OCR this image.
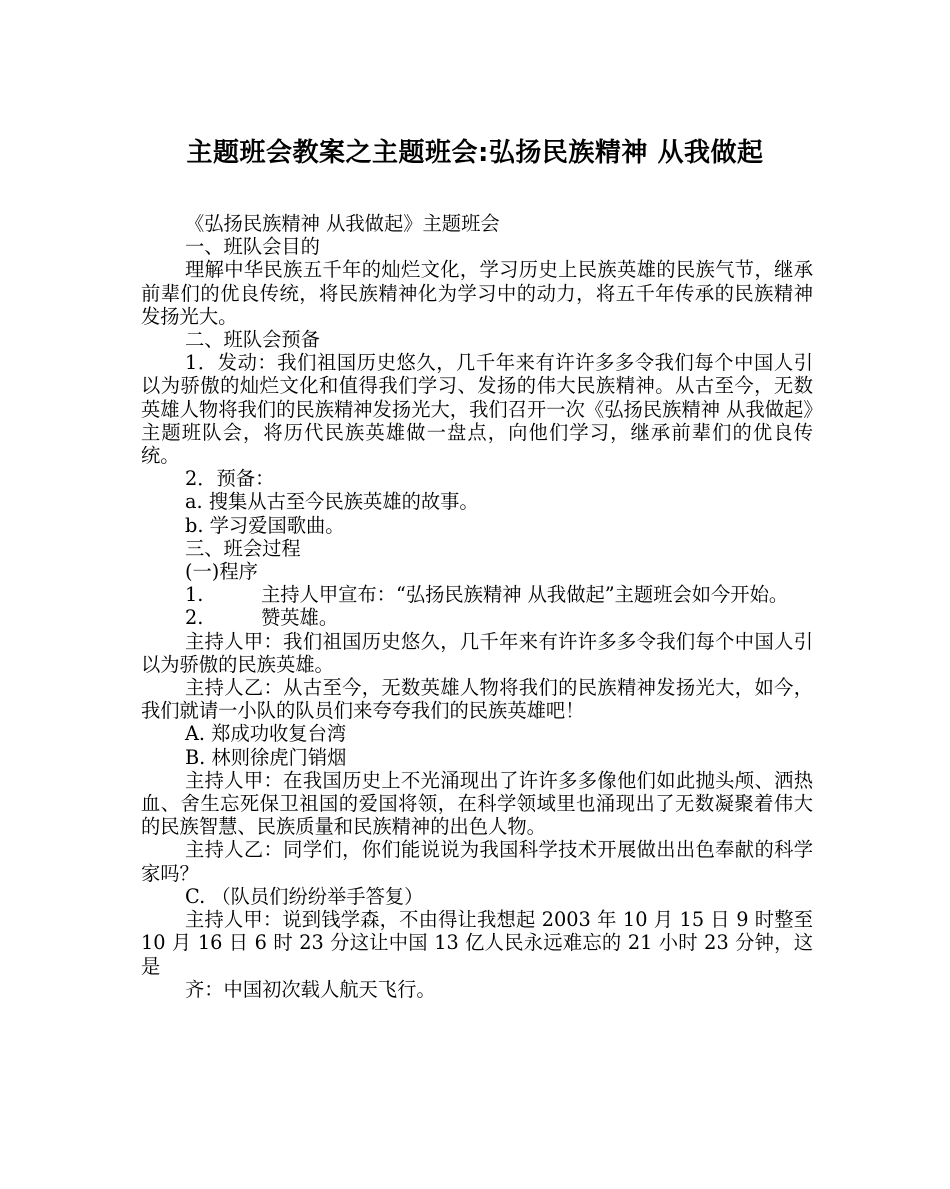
主题班会教案之主题班会:弘扬民族精神 从我做起

《弘扬民族精神 从我做起》主题班会

一、班队会目的

理解中华民族五千年的灿烂文化，学习历史上民族英雄的民族气节，继承前辈们的优良传统，将民族精神化为学习中的动力，将五千年传承的民族精神发扬光大。

二、班队会预备

1．发动：我们祖国历史悠久，几千年来有许许多多令我们每个中国人引以为骄傲的灿烂文化和值得我们学习、发扬的伟大民族精神。从古至今，无数英雄人物将我们的民族精神发扬光大，我们召开一次《弘扬民族精神 从我做起》主题班队会，将历代民族英雄做一盘点，向他们学习，继承前辈们的优良传统。

2．预备：

a. 搜集从古至今民族英雄的故事。

b. 学习爱国歌曲。

三、班会过程

(一)程序

1.	主持人甲宣布：“弘扬民族精神 从我做起”主题班会如今开始。

2.	赞英雄。

主持人甲：我们祖国历史悠久，几千年来有许许多多令我们每个中国人引以为骄傲的民族英雄。

主持人乙：从古至今，无数英雄人物将我们的民族精神发扬光大，如今，我们就请一小队的队员们来夸夸我们的民族英雄吧！

A. 郑成功收复台湾

B. 林则徐虎门销烟

主持人甲：在我国历史上不光涌现出了许许多多像他们如此抛头颅、洒热血、舍生忘死保卫祖国的爱国将领，在科学领域里也涌现出了无数凝聚着伟大的民族智慧、民族质量和民族精神的出色人物。

主持人乙：同学们，你们能说说为我国科学技术开展做出出色奉献的科学家吗？

C. （队员们纷纷举手答复）

主持人甲：说到钱学森，不由得让我想起 2003 年 10 月 15 日 9 时整至 10 月 16 日 6 时 23 分这让中国 13 亿人民永远难忘的 21 小时 23 分钟，这是

齐：中国初次载人航天飞行。
